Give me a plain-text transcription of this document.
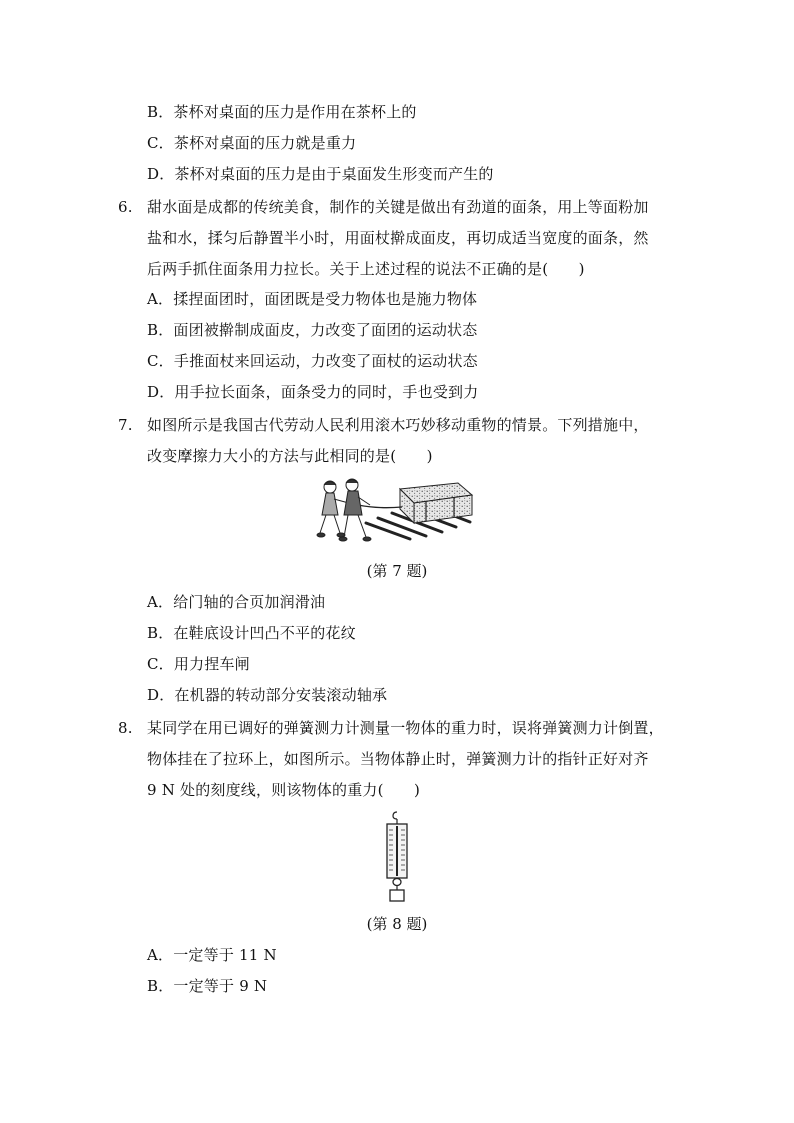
B．茶杯对桌面的压力是作用在茶杯上的
C．茶杯对桌面的压力就是重力
D．茶杯对桌面的压力是由于桌面发生形变而产生的
6. 甜水面是成都的传统美食，制作的关键是做出有劲道的面条，用上等面粉加
盐和水，揉匀后静置半小时，用面杖擀成面皮，再切成适当宽度的面条，然
后两手抓住面条用力拉长。关于上述过程的说法不正确的是(　　)
A．揉捏面团时，面团既是受力物体也是施力物体
B．面团被擀制成面皮，力改变了面团的运动状态
C．手推面杖来回运动，力改变了面杖的运动状态
D．用手拉长面条，面条受力的同时，手也受到力
7. 如图所示是我国古代劳动人民利用滚木巧妙移动重物的情景。下列措施中，
改变摩擦力大小的方法与此相同的是(　　)
(第 7 题)
A．给门轴的合页加润滑油
B．在鞋底设计凹凸不平的花纹
C．用力捏车闸
D．在机器的转动部分安装滚动轴承
8. 某同学在用已调好的弹簧测力计测量一物体的重力时，误将弹簧测力计倒置，
物体挂在了拉环上，如图所示。当物体静止时，弹簧测力计的指针正好对齐
9 N 处的刻度线，则该物体的重力(　　)
(第 8 题)
A．一定等于 11 N
B．一定等于 9 N
